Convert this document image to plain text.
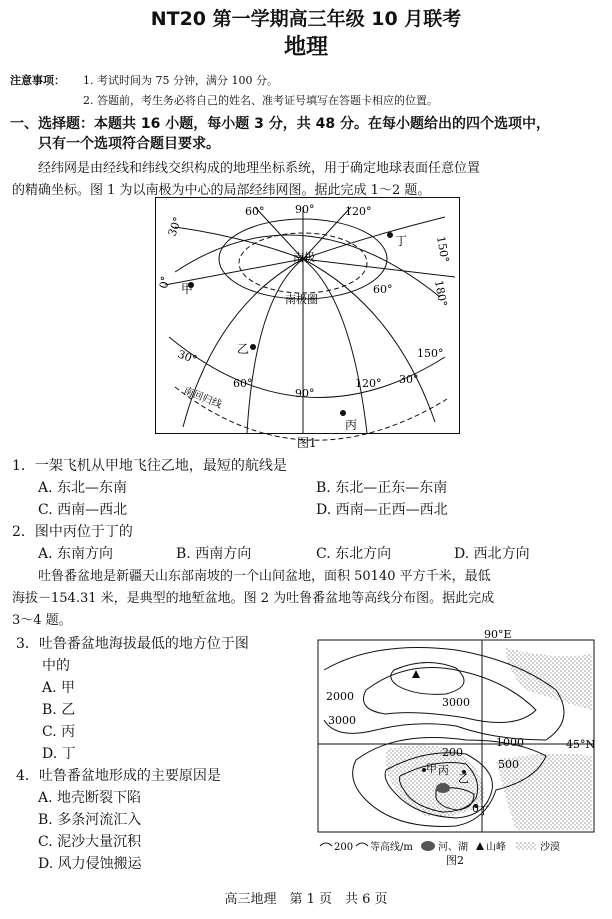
NT20 第一学期高三年级 10 月联考
地理
注意事项： 1. 考试时间为 75 分钟，满分 100 分。
2. 答题前，考生务必将自己的姓名、准考证号填写在答题卡相应的位置。
一、选择题：本题共 16 小题，每小题 3 分，共 48 分。在每小题给出的四个选项中，
只有一个选项符合题目要求。
经纬网是由经线和纬线交织构成的地理坐标系统，用于确定地球表面任意位置
的精确坐标。图 1 为以南极为中心的局部经纬网图。据此完成 1～2 题。
60°	90°	120°
150°
30°
0°	180°
南极
南极圈
60°
30°
30°
60°
90°
120°
150°
南回归线
甲
丁
乙
丙
图1
1．一架飞机从甲地飞往乙地，最短的航线是
A. 东北—东南	B. 东北—正东—东南
C. 西南—西北	D. 西南—正西—西北
2．图中丙位于丁的
A. 东南方向	B. 西南方向	C. 东北方向	D. 西北方向
吐鲁番盆地是新疆天山东部南坡的一个山间盆地，面积 50140 平方千米，最低
海拔－154.31 米，是典型的地堑盆地。图 2 为吐鲁番盆地等高线分布图。据此完成
3～4 题。
3．吐鲁番盆地海拔最低的地方位于图
中的
A. 甲
B. 乙
C. 丙
D. 丁
4．吐鲁番盆地形成的主要原因是
A. 地壳断裂下陷
B. 多条河流汇入
C. 泥沙大量沉积
D. 风力侵蚀搬运
90°E
45°N
2000
3000
3000
1000
200
500
0
甲 丙
乙
丁
200 等高线/m	河、湖 山峰	沙漠
图2
高三地理　第 1 页　共 6 页
